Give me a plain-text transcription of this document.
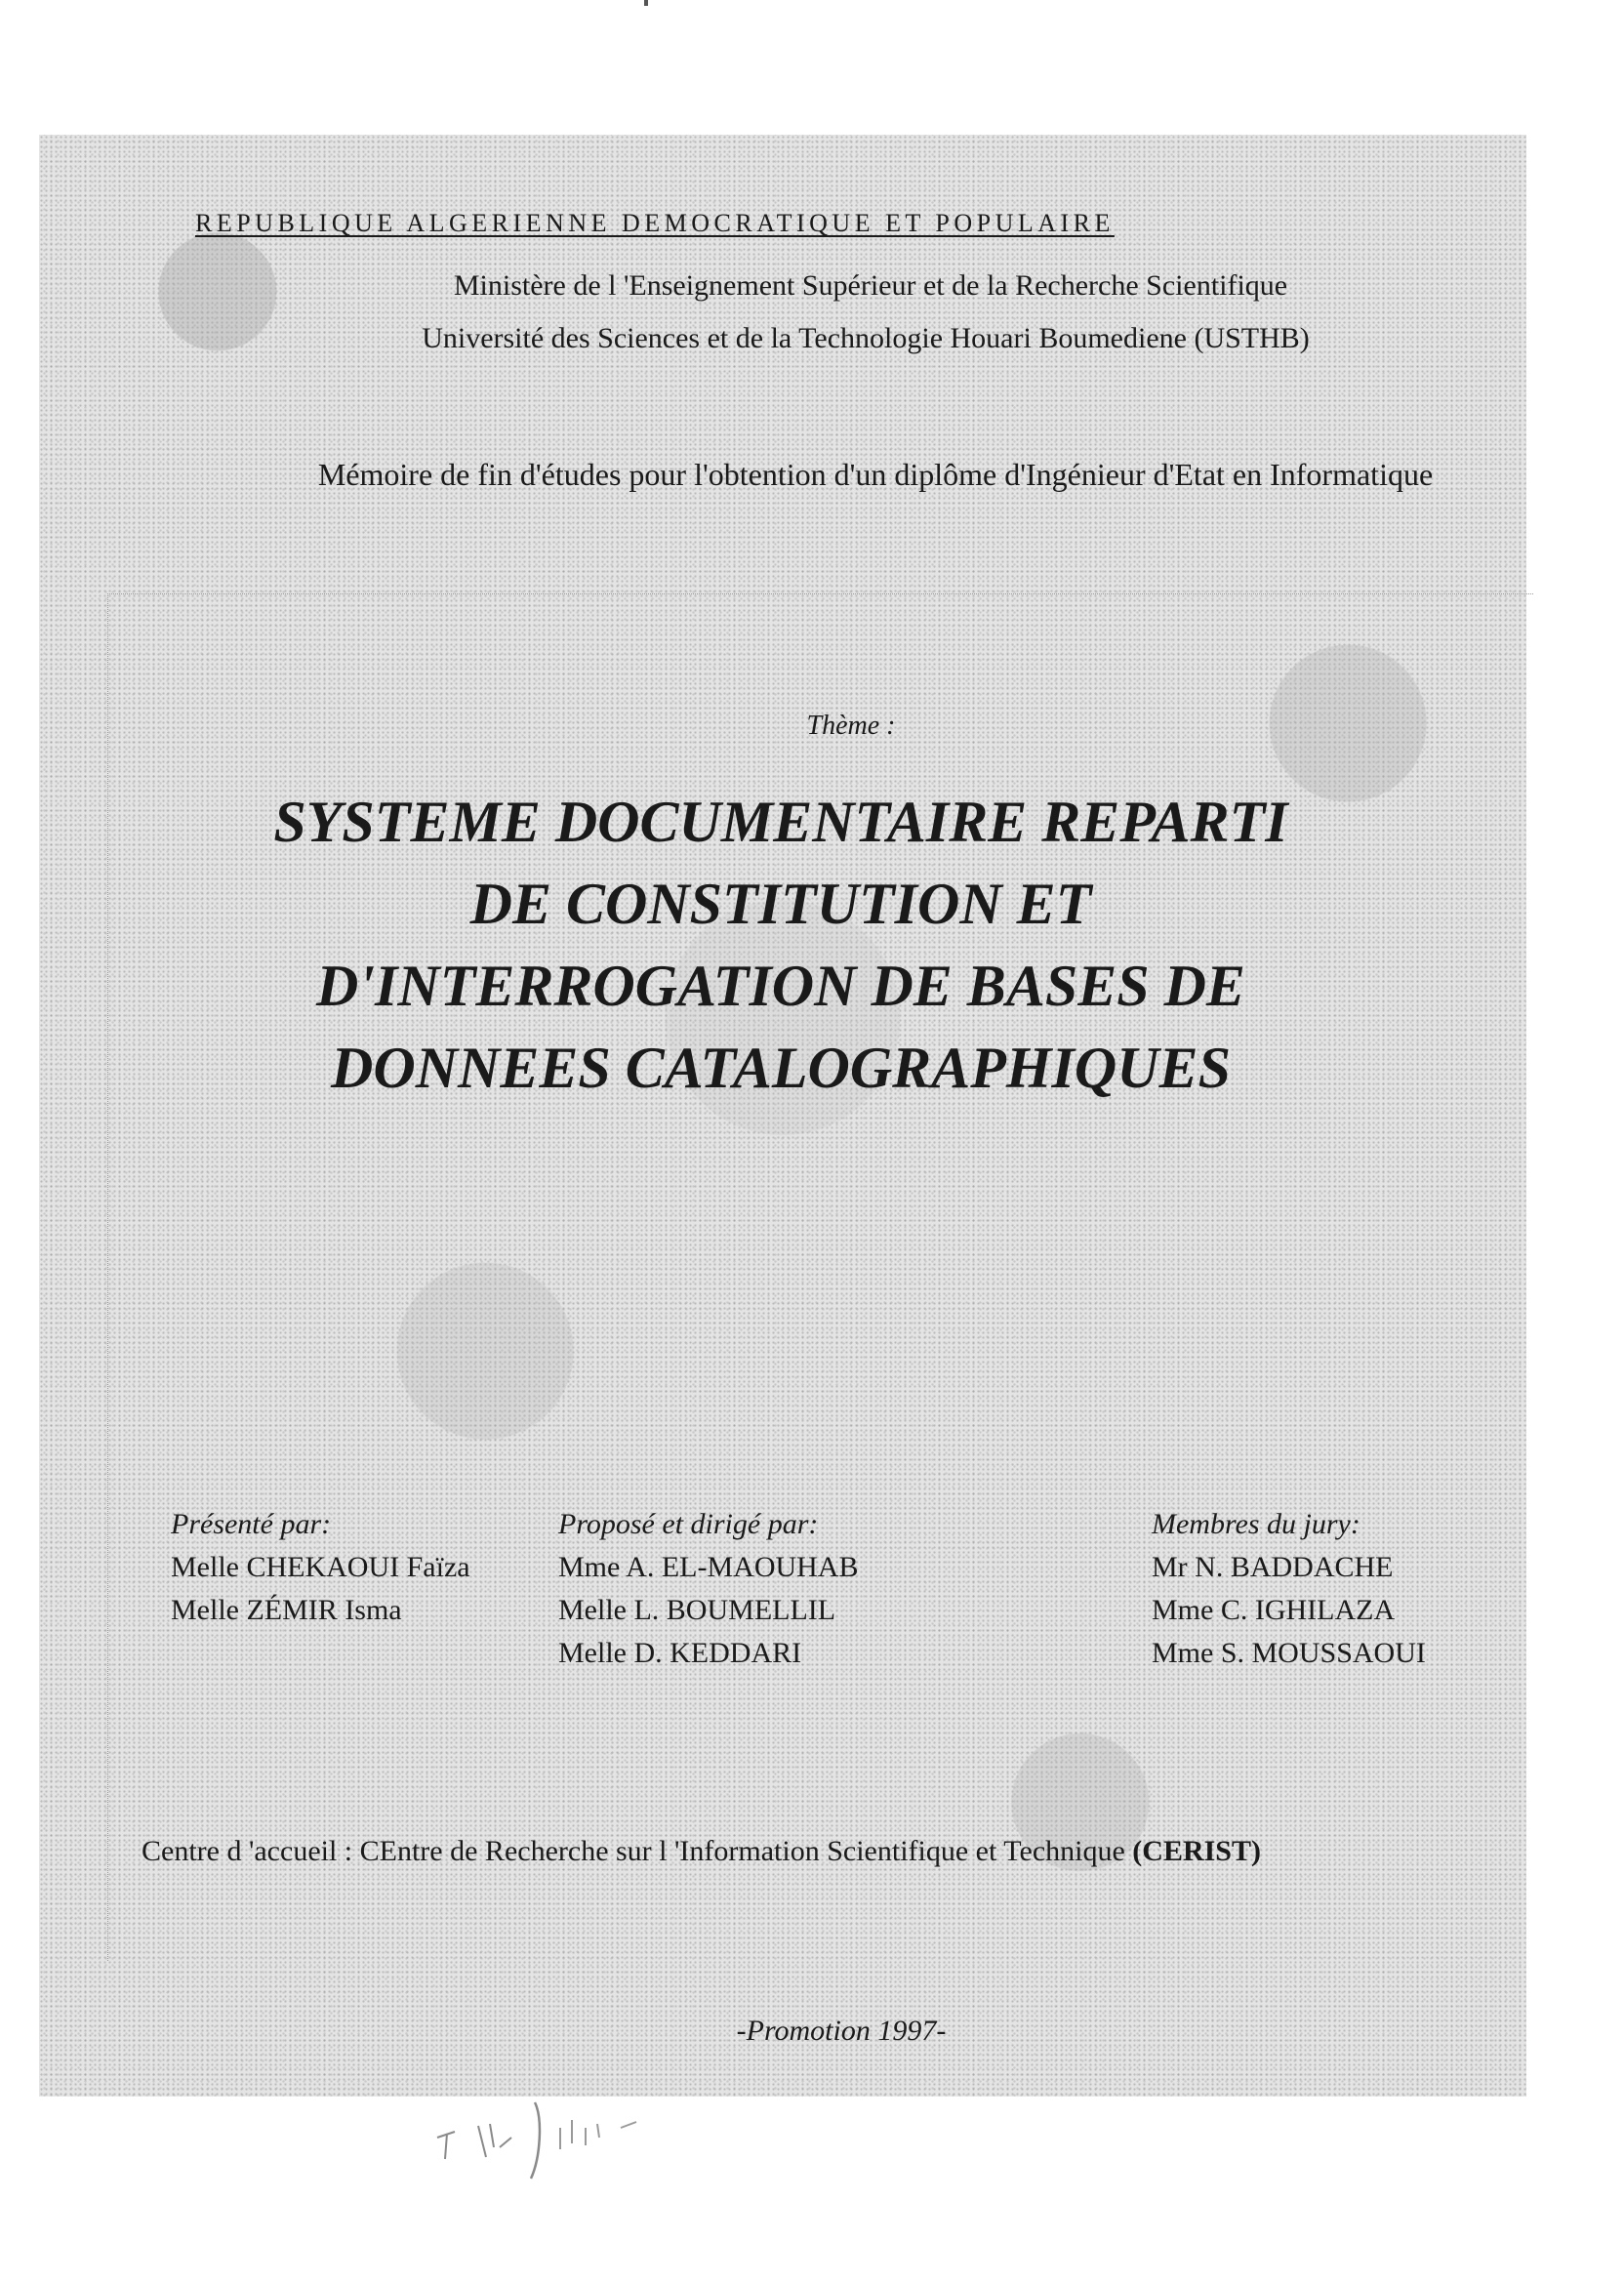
REPUBLIQUE ALGERIENNE DEMOCRATIQUE ET POPULAIRE
Ministère de l 'Enseignement Supérieur et de la Recherche Scientifique
Université des Sciences et de la Technologie Houari Boumediene (USTHB)
Mémoire de fin d'études pour l'obtention d'un diplôme d'Ingénieur d'Etat en Informatique
Thème :
SYSTEME DOCUMENTAIRE REPARTI
DE CONSTITUTION ET
D'INTERROGATION DE BASES DE
DONNEES CATALOGRAPHIQUES
Présenté par:
Melle CHEKAOUI Faïza
Melle ZÉMIR Isma
Proposé et dirigé par:
Mme A. EL-MAOUHAB
Melle L. BOUMELLIL
Melle D. KEDDARI
Membres du jury:
Mr N. BADDACHE
Mme C. IGHILAZA
Mme S. MOUSSAOUI
Centre d 'accueil : CEntre de Recherche sur l 'Information Scientifique et Technique (CERIST)
-Promotion 1997-
